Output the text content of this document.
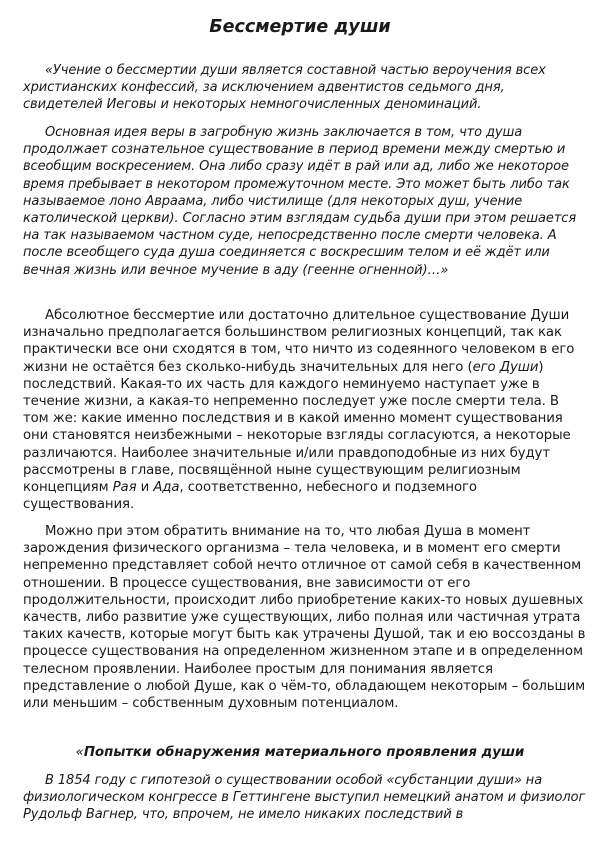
Бессмертие души

«Учение о бессмертии души является составной частью вероучения всех христианских конфессий, за исключением адвентистов седьмого дня, свидетелей Иеговы и некоторых немногочисленных деноминаций.

Основная идея веры в загробную жизнь заключается в том, что душа продолжает сознательное существование в период времени между смертью и всеобщим воскресением. Она либо сразу идёт в рай или ад, либо же некоторое время пребывает в некотором промежуточном месте. Это может быть либо так называемое лоно Авраама, либо чистилище (для некоторых душ, учение католической церкви). Согласно этим взглядам судьба души при этом решается на так называемом частном суде, непосредственно после смерти человека. А после всеобщего суда душа соединяется с воскресшим телом и её ждёт или вечная жизнь или вечное мучение в аду (геенне огненной)…»

Абсолютное бессмертие или достаточно длительное существование Души изначально предполагается большинством религиозных концепций, так как практически все они сходятся в том, что ничто из содеянного человеком в его жизни не остаётся без сколько-нибудь значительных для него (его Души) последствий. Какая-то их часть для каждого неминуемо наступает уже в течение жизни, а какая-то непременно последует уже после смерти тела. В том же: какие именно последствия и в какой именно момент существования они становятся неизбежными – некоторые взгляды согласуются, а некоторые различаются. Наиболее значительные и/или правдоподобные из них будут рассмотрены в главе, посвящённой ныне существующим религиозным концепциям Рая и Ада, соответственно, небесного и подземного существования.

Можно при этом обратить внимание на то, что любая Душа в момент зарождения физического организма – тела человека, и в момент его смерти непременно представляет собой нечто отличное от самой себя в качественном отношении. В процессе существования, вне зависимости от его продолжительности, происходит либо приобретение каких-то новых душевных качеств, либо развитие уже существующих, либо полная или частичная утрата таких качеств, которые могут быть как утрачены Душой, так и ею воссозданы в процессе существования на определенном жизненном этапе и в определенном телесном проявлении. Наиболее простым для понимания является представление о любой Душе, как о чём-то, обладающем некоторым – большим или меньшим – собственным духовным потенциалом.

«Попытки обнаружения материального проявления души

В 1854 году с гипотезой о существовании особой «субстанции души» на физиологическом конгрессе в Геттингене выступил немецкий анатом и физиолог Рудольф Вагнер, что, впрочем, не имело никаких последствий в
